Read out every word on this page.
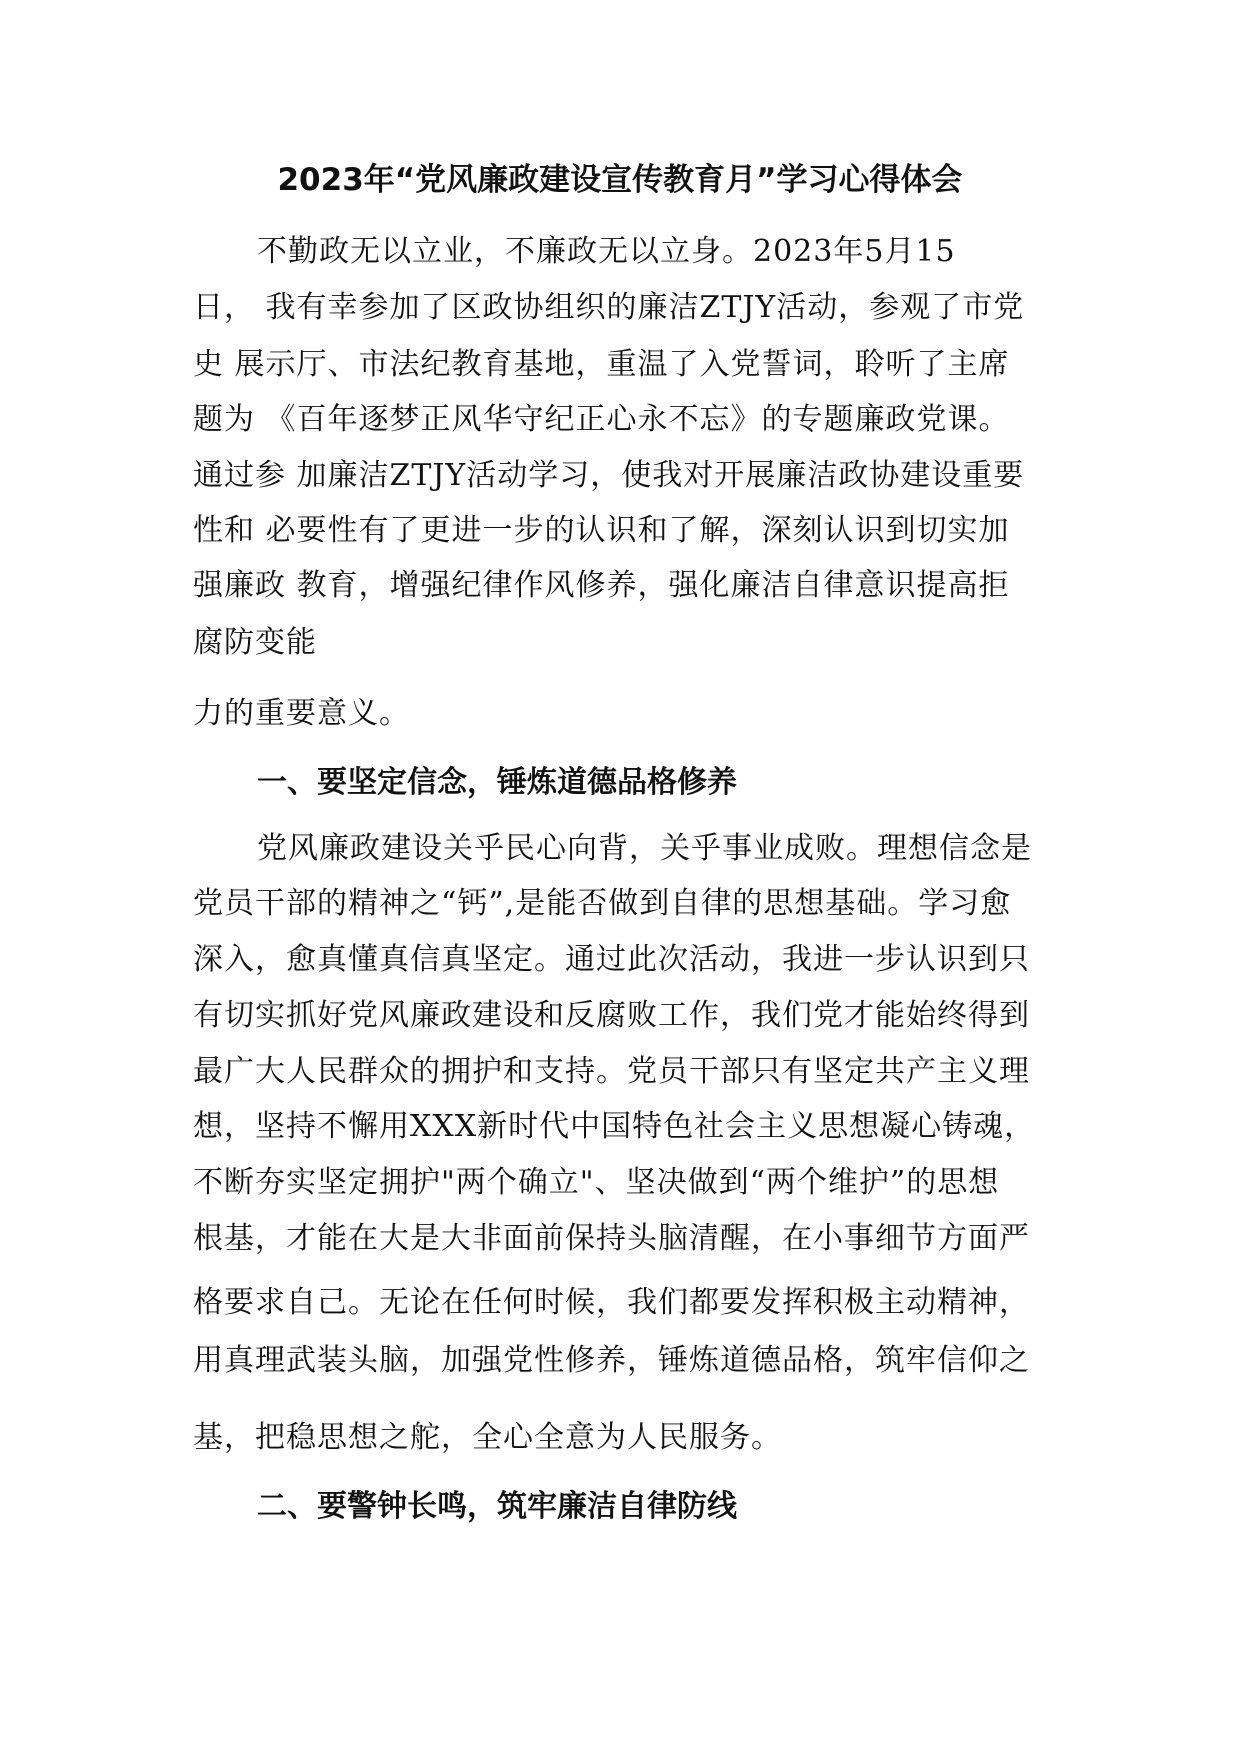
2023年“党风廉政建设宣传教育月”学习心得体会
不勤政无以立业，不廉政无以立身。2023年5月15
日， 我有幸参加了区政协组织的廉洁ZTJY活动，参观了市党
史 展示厅、市法纪教育基地，重温了入党誓词，聆听了主席
题为 《百年逐梦正风华守纪正心永不忘》的专题廉政党课。
通过参 加廉洁ZTJY活动学习，使我对开展廉洁政协建设重要
性和 必要性有了更进一步的认识和了解，深刻认识到切实加
强廉政 教育，增强纪律作风修养，强化廉洁自律意识提高拒
腐防变能
力的重要意义。
一、要坚定信念，锤炼道德品格修养
党风廉政建设关乎民心向背，关乎事业成败。理想信念是
党员干部的精神之“钙”,是能否做到自律的思想基础。学习愈
深入，愈真懂真信真坚定。通过此次活动，我进一步认识到只
有切实抓好党风廉政建设和反腐败工作，我们党才能始终得到
最广大人民群众的拥护和支持。党员干部只有坚定共产主义理
想，坚持不懈用XXX新时代中国特色社会主义思想凝心铸魂，
不断夯实坚定拥护"两个确立"、坚决做到“两个维护”的思想
根基，才能在大是大非面前保持头脑清醒，在小事细节方面严
格要求自己。无论在任何时候，我们都要发挥积极主动精神，
用真理武装头脑，加强党性修养，锤炼道德品格，筑牢信仰之
基，把稳思想之舵，全心全意为人民服务。
二、要警钟长鸣，筑牢廉洁自律防线
